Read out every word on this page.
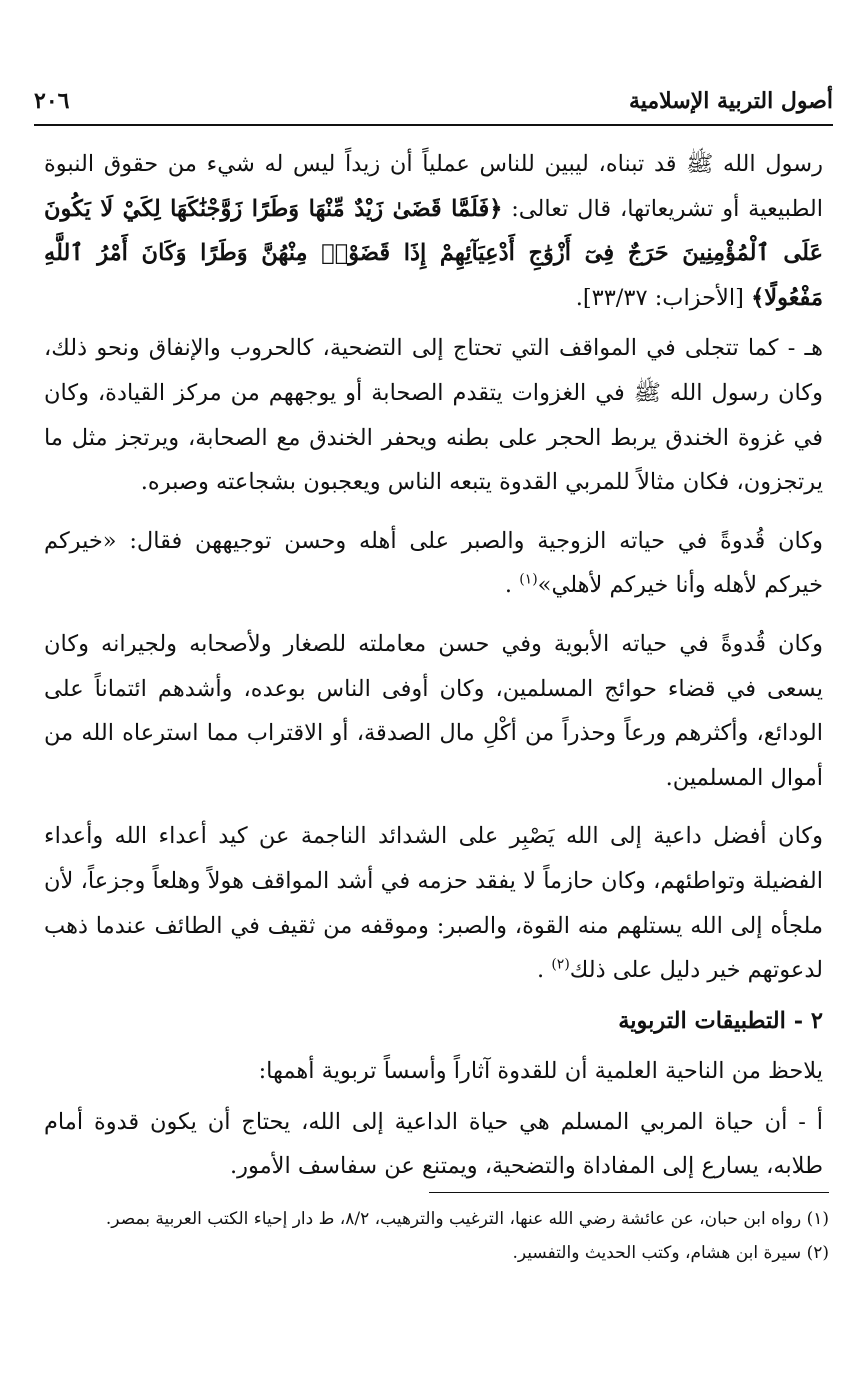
أصول التربية الإسلامية
٢٠٦

رسول الله ﷺ قد تبناه، ليبين للناس عملياً أن زيداً ليس له شيء من حقوق النبوة الطبيعية أو تشريعاتها، قال تعالى: ﴿فَلَمَّا قَضَىٰ زَيْدٌ مِّنْهَا وَطَرًا زَوَّجْنَٰكَهَا لِكَيْ لَا يَكُونَ عَلَى ٱلْمُؤْمِنِينَ حَرَجٌ فِىٓ أَزْوَٰجِ أَدْعِيَآئِهِمْ إِذَا قَضَوْا۟ مِنْهُنَّ وَطَرًا وَكَانَ أَمْرُ ٱللَّهِ مَفْعُولًا﴾ [الأحزاب: ٣٣/٣٧].

هـ - كما تتجلى في المواقف التي تحتاج إلى التضحية، كالحروب والإنفاق ونحو ذلك، وكان رسول الله ﷺ في الغزوات يتقدم الصحابة أو يوجههم من مركز القيادة، وكان في غزوة الخندق يربط الحجر على بطنه ويحفر الخندق مع الصحابة، ويرتجز مثل ما يرتجزون، فكان مثالاً للمربي القدوة يتبعه الناس ويعجبون بشجاعته وصبره.

وكان قُدوةً في حياته الزوجية والصبر على أهله وحسن توجيههن فقال: «خيركم خيركم لأهله وأنا خيركم لأهلي»$^{(١)}$ .

وكان قُدوةً في حياته الأبوية وفي حسن معاملته للصغار ولأصحابه ولجيرانه وكان يسعى في قضاء حوائج المسلمين، وكان أوفى الناس بوعده، وأشدهم ائتماناً على الودائع، وأكثرهم ورعاً وحذراً من أكْلِ مال الصدقة، أو الاقتراب مما استرعاه الله من أموال المسلمين.

وكان أفضل داعية إلى الله يَصْبِر على الشدائد الناجمة عن كيد أعداء الله وأعداء الفضيلة وتواطئهم، وكان حازماً لا يفقد حزمه في أشد المواقف هولاً وهلعاً وجزعاً، لأن ملجأه إلى الله يستلهم منه القوة، والصبر: وموقفه من ثقيف في الطائف عندما ذهب لدعوتهم خير دليل على ذلك$^{(٢)}$ .

٢ - التطبيقات التربوية

يلاحظ من الناحية العلمية أن للقدوة آثاراً وأسساً تربوية أهمها:

أ - أن حياة المربي المسلم هي حياة الداعية إلى الله، يحتاج أن يكون قدوة أمام طلابه، يسارع إلى المفاداة والتضحية، ويمتنع عن سفاسف الأمور.

(١) رواه ابن حبان، عن عائشة رضي الله عنها، الترغيب والترهيب، ٨/٢، ط دار إحياء الكتب العربية بمصر.

(٢) سيرة ابن هشام، وكتب الحديث والتفسير.
